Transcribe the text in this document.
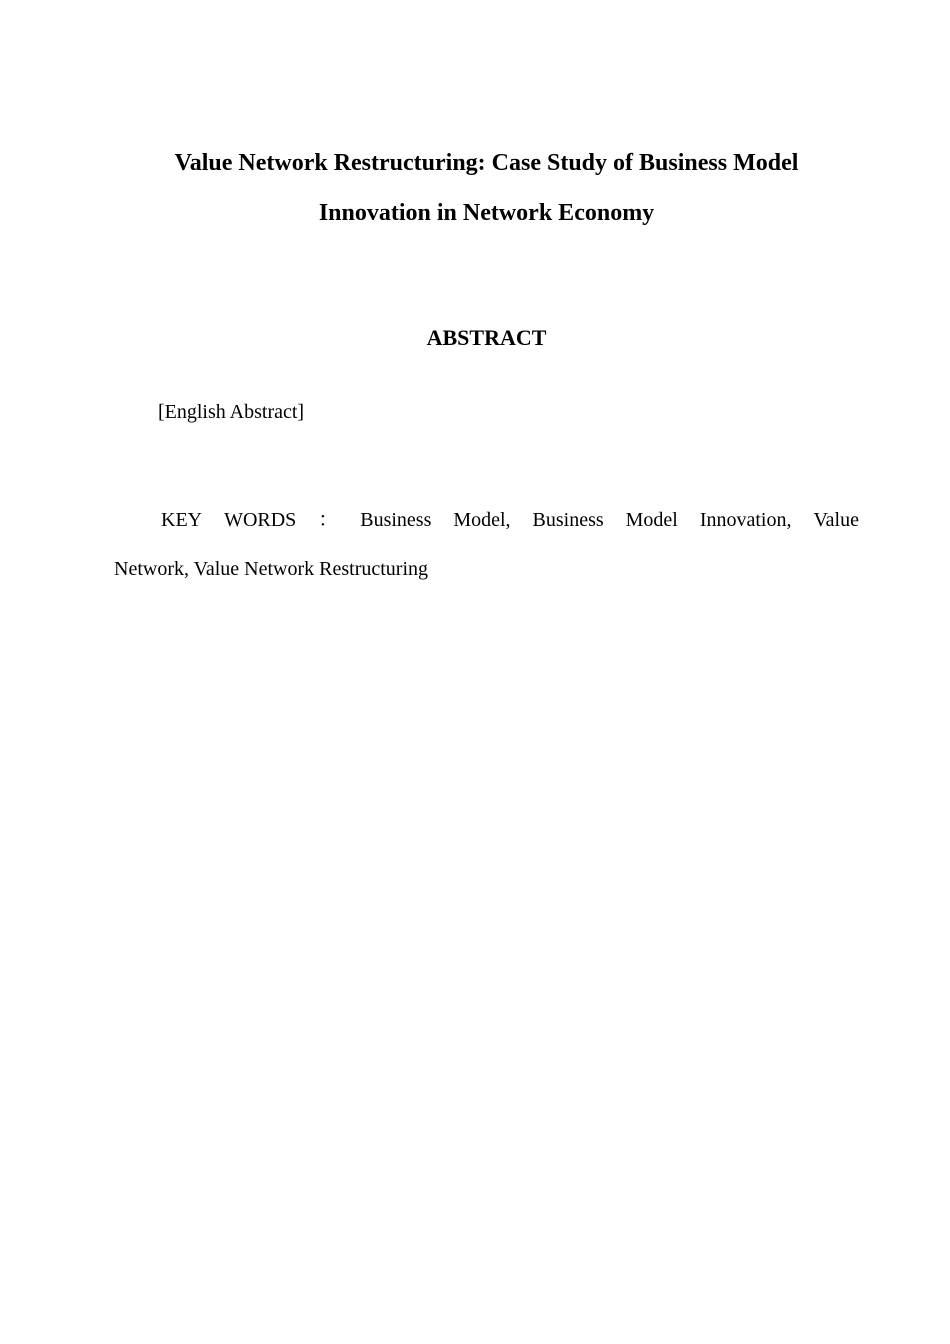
Value Network Restructuring: Case Study of Business Model

Innovation in Network Economy

ABSTRACT

[English Abstract]

KEY WORDS ： Business Model, Business Model Innovation, Value
Network, Value Network Restructuring
